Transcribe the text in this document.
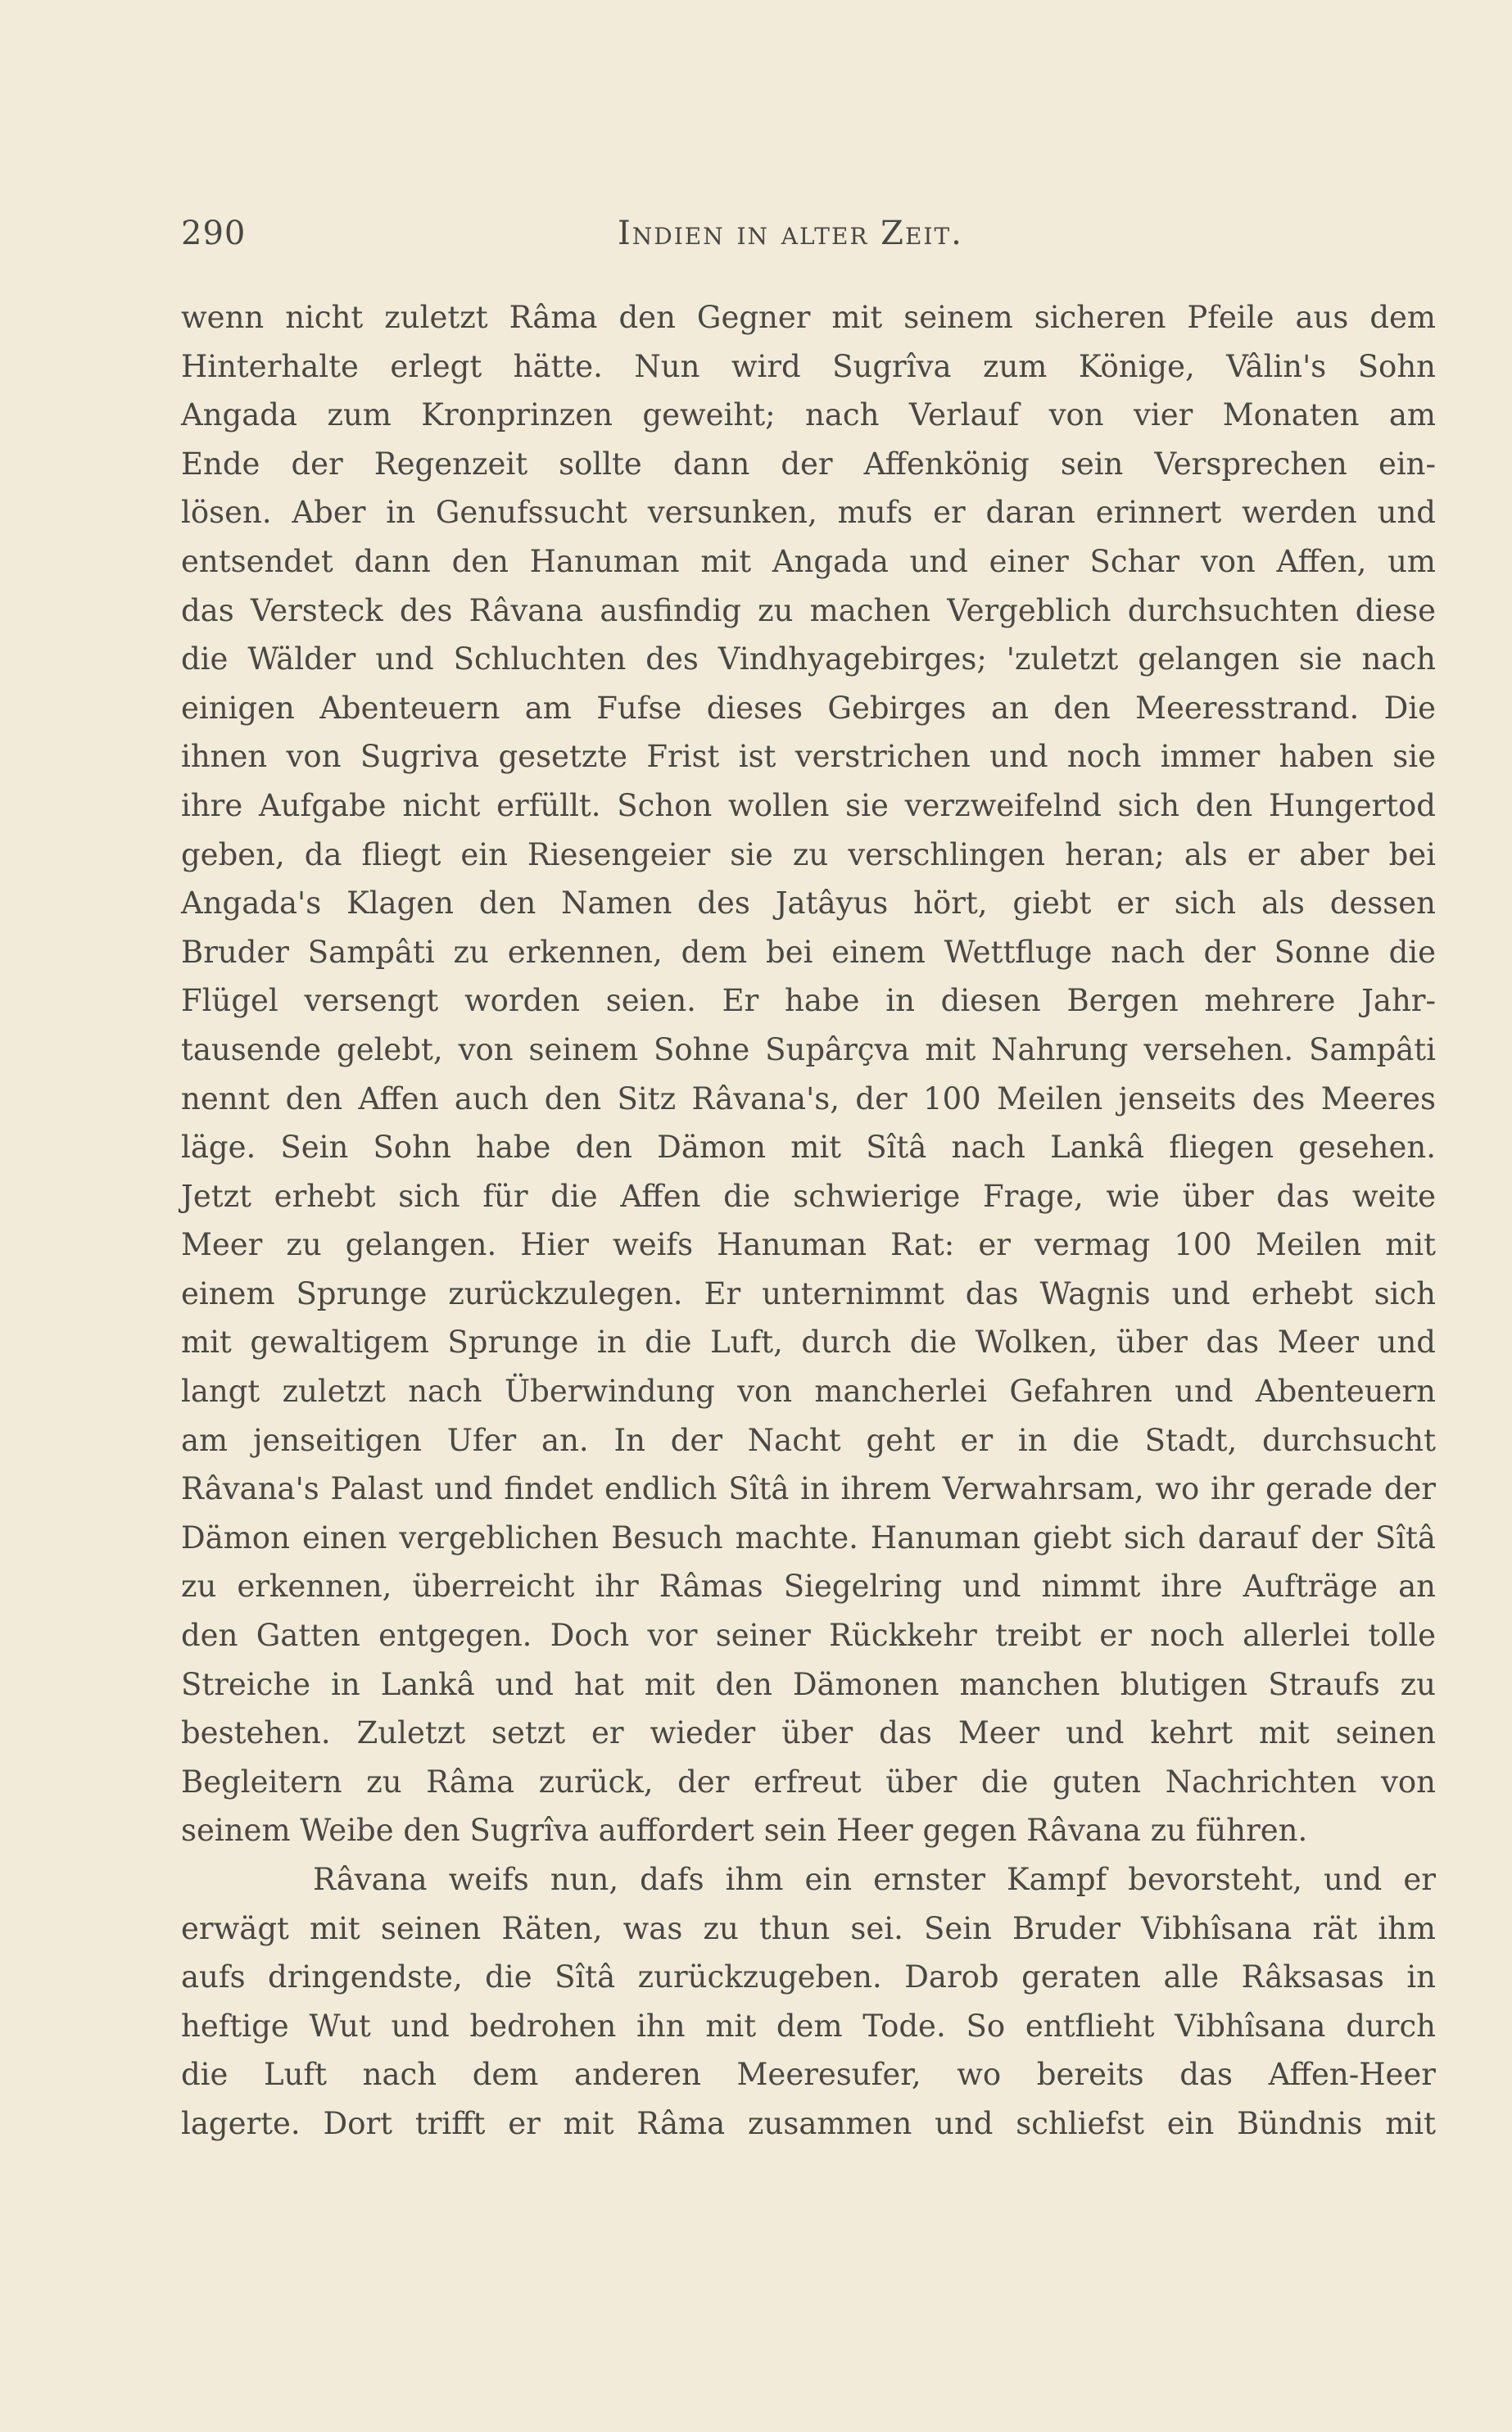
290	Indien in alter Zeit.
wenn nicht zuletzt Râma den Gegner mit seinem sicheren Pfeile aus dem
Hinterhalte erlegt hätte. Nun wird Sugrîva zum Könige, Vâlin's Sohn
Angada zum Kronprinzen geweiht; nach Verlauf von vier Monaten am
Ende der Regenzeit sollte dann der Affenkönig sein Versprechen ein-
lösen. Aber in Genufssucht versunken, mufs er daran erinnert werden und
entsendet dann den Hanuman mit Angada und einer Schar von Affen, um
das Versteck des Râvana ausfindig zu machen Vergeblich durchsuchten diese
die Wälder und Schluchten des Vindhyagebirges; 'zuletzt gelangen sie nach
einigen Abenteuern am Fufse dieses Gebirges an den Meeresstrand. Die
ihnen von Sugriva gesetzte Frist ist verstrichen und noch immer haben sie
ihre Aufgabe nicht erfüllt. Schon wollen sie verzweifelnd sich den Hungertod
geben, da fliegt ein Riesengeier sie zu verschlingen heran; als er aber bei
Angada's Klagen den Namen des Jatâyus hört, giebt er sich als dessen
Bruder Sampâti zu erkennen, dem bei einem Wettfluge nach der Sonne die
Flügel versengt worden seien. Er habe in diesen Bergen mehrere Jahr-
tausende gelebt, von seinem Sohne Supârçva mit Nahrung versehen. Sampâti
nennt den Affen auch den Sitz Râvana's, der 100 Meilen jenseits des Meeres
läge. Sein Sohn habe den Dämon mit Sîtâ nach Lankâ fliegen gesehen.
Jetzt erhebt sich für die Affen die schwierige Frage, wie über das weite
Meer zu gelangen. Hier weifs Hanuman Rat: er vermag 100 Meilen mit
einem Sprunge zurückzulegen. Er unternimmt das Wagnis und erhebt sich
mit gewaltigem Sprunge in die Luft, durch die Wolken, über das Meer und
langt zuletzt nach Überwindung von mancherlei Gefahren und Abenteuern
am jenseitigen Ufer an. In der Nacht geht er in die Stadt, durchsucht
Râvana's Palast und findet endlich Sîtâ in ihrem Verwahrsam, wo ihr gerade der
Dämon einen vergeblichen Besuch machte. Hanuman giebt sich darauf der Sîtâ
zu erkennen, überreicht ihr Râmas Siegelring und nimmt ihre Aufträge an
den Gatten entgegen. Doch vor seiner Rückkehr treibt er noch allerlei tolle
Streiche in Lankâ und hat mit den Dämonen manchen blutigen Straufs zu
bestehen. Zuletzt setzt er wieder über das Meer und kehrt mit seinen
Begleitern zu Râma zurück, der erfreut über die guten Nachrichten von
seinem Weibe den Sugrîva auffordert sein Heer gegen Râvana zu führen.
Râvana weifs nun, dafs ihm ein ernster Kampf bevorsteht, und er
erwägt mit seinen Räten, was zu thun sei. Sein Bruder Vibhîsana rät ihm
aufs dringendste, die Sîtâ zurückzugeben. Darob geraten alle Râksasas in
heftige Wut und bedrohen ihn mit dem Tode. So entflieht Vibhîsana durch
die Luft nach dem anderen Meeresufer, wo bereits das Affen-Heer
lagerte. Dort trifft er mit Râma zusammen und schliefst ein Bündnis mit
